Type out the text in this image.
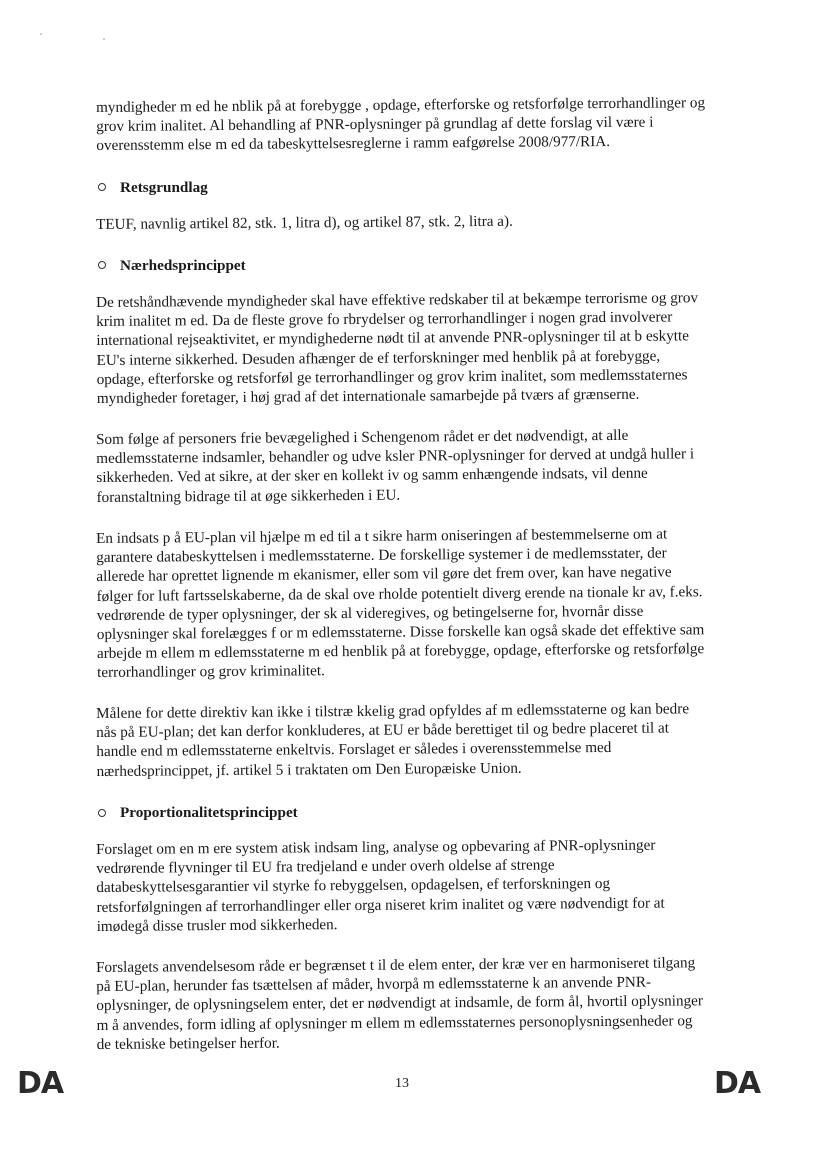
myndigheder m ed he nblik på at forebygge , opdage, efterforske og retsforfølge terrorhandlinger og grov krim inalitet. Al behandling af PNR-oplysninger på grundlag af dette forslag vil være i overensstemm else m ed da tabeskyttelsesreglerne i ramm eafgørelse 2008/977/RIA.

Retsgrundlag

TEUF, navnlig artikel 82, stk. 1, litra d), og artikel 87, stk. 2, litra a).

Nærhedsprincippet

De retshåndhævende myndigheder skal have effektive redskaber til at bekæmpe terrorisme og grov krim inalitet m ed. Da de fleste grove fo rbrydelser og terrorhandlinger i nogen grad involverer international rejseaktivitet, er myndighederne nødt til at anvende PNR-oplysninger til at b eskytte EU's interne sikkerhed. Desuden afhænger de ef terforskninger med henblik på at forebygge, opdage, efterforske og retsforføl ge terrorhandlinger og grov krim inalitet, som medlemsstaternes myndigheder foretager, i høj grad af det internationale samarbejde på tværs af grænserne.

Som følge af personers frie bevægelighed i Schengenom rådet er det nødvendigt, at alle medlemsstaterne indsamler, behandler og udve ksler PNR-oplysninger for derved at undgå huller i sikkerheden. Ved at sikre, at der sker en kollekt iv og samm enhængende indsats, vil denne foranstaltning bidrage til at øge sikkerheden i EU.

En indsats p å EU-plan vil hjælpe m ed til a t sikre harm oniseringen af bestemmelserne om at garantere databeskyttelsen i medlemsstaterne. De forskellige systemer i de medlemsstater, der allerede har oprettet lignende m ekanismer, eller som vil gøre det frem over, kan have negative følger for luft fartsselskaberne, da de skal ove rholde potentielt diverg erende na tionale kr av, f.eks. vedrørende de typer oplysninger, der sk al videregives, og betingelserne for, hvornår disse oplysninger skal forelægges f or m edlemsstaterne. Disse forskelle kan også skade det effektive sam arbejde m ellem m edlemsstaterne m ed henblik på at forebygge, opdage, efterforske og retsforfølge terrorhandlinger og grov kriminalitet.

Målene for dette direktiv kan ikke i tilstræ kkelig grad opfyldes af m edlemsstaterne og kan bedre nås på EU-plan; det kan derfor konkluderes, at EU er både berettiget til og bedre placeret til at handle end m edlemsstaterne enkeltvis. Forslaget er således i overensstemmelse med nærhedsprincippet, jf. artikel 5 i traktaten om Den Europæiske Union.

Proportionalitetsprincippet

Forslaget om en m ere system atisk indsam ling, analyse og opbevaring af PNR-oplysninger vedrørende flyvninger til EU fra tredjeland e under overh oldelse af strenge databeskyttelsesgarantier vil styrke fo rebyggelsen, opdagelsen, ef terforskningen og retsforfølgningen af terrorhandlinger eller orga niseret krim inalitet og være nødvendigt for at imødegå disse trusler mod sikkerheden.

Forslagets anvendelsesom råde er begrænset t il de elem enter, der kræ ver en harmoniseret tilgang på EU-plan, herunder fas tsættelsen af måder, hvorpå m edlemsstaterne k an anvende PNR-oplysninger, de oplysningselem enter, det er nødvendigt at indsamle, de form ål, hvortil oplysninger m å anvendes, form idling af oplysninger m ellem m edlemsstaternes personoplysningsenheder og de tekniske betingelser herfor.

DA	13	DA
